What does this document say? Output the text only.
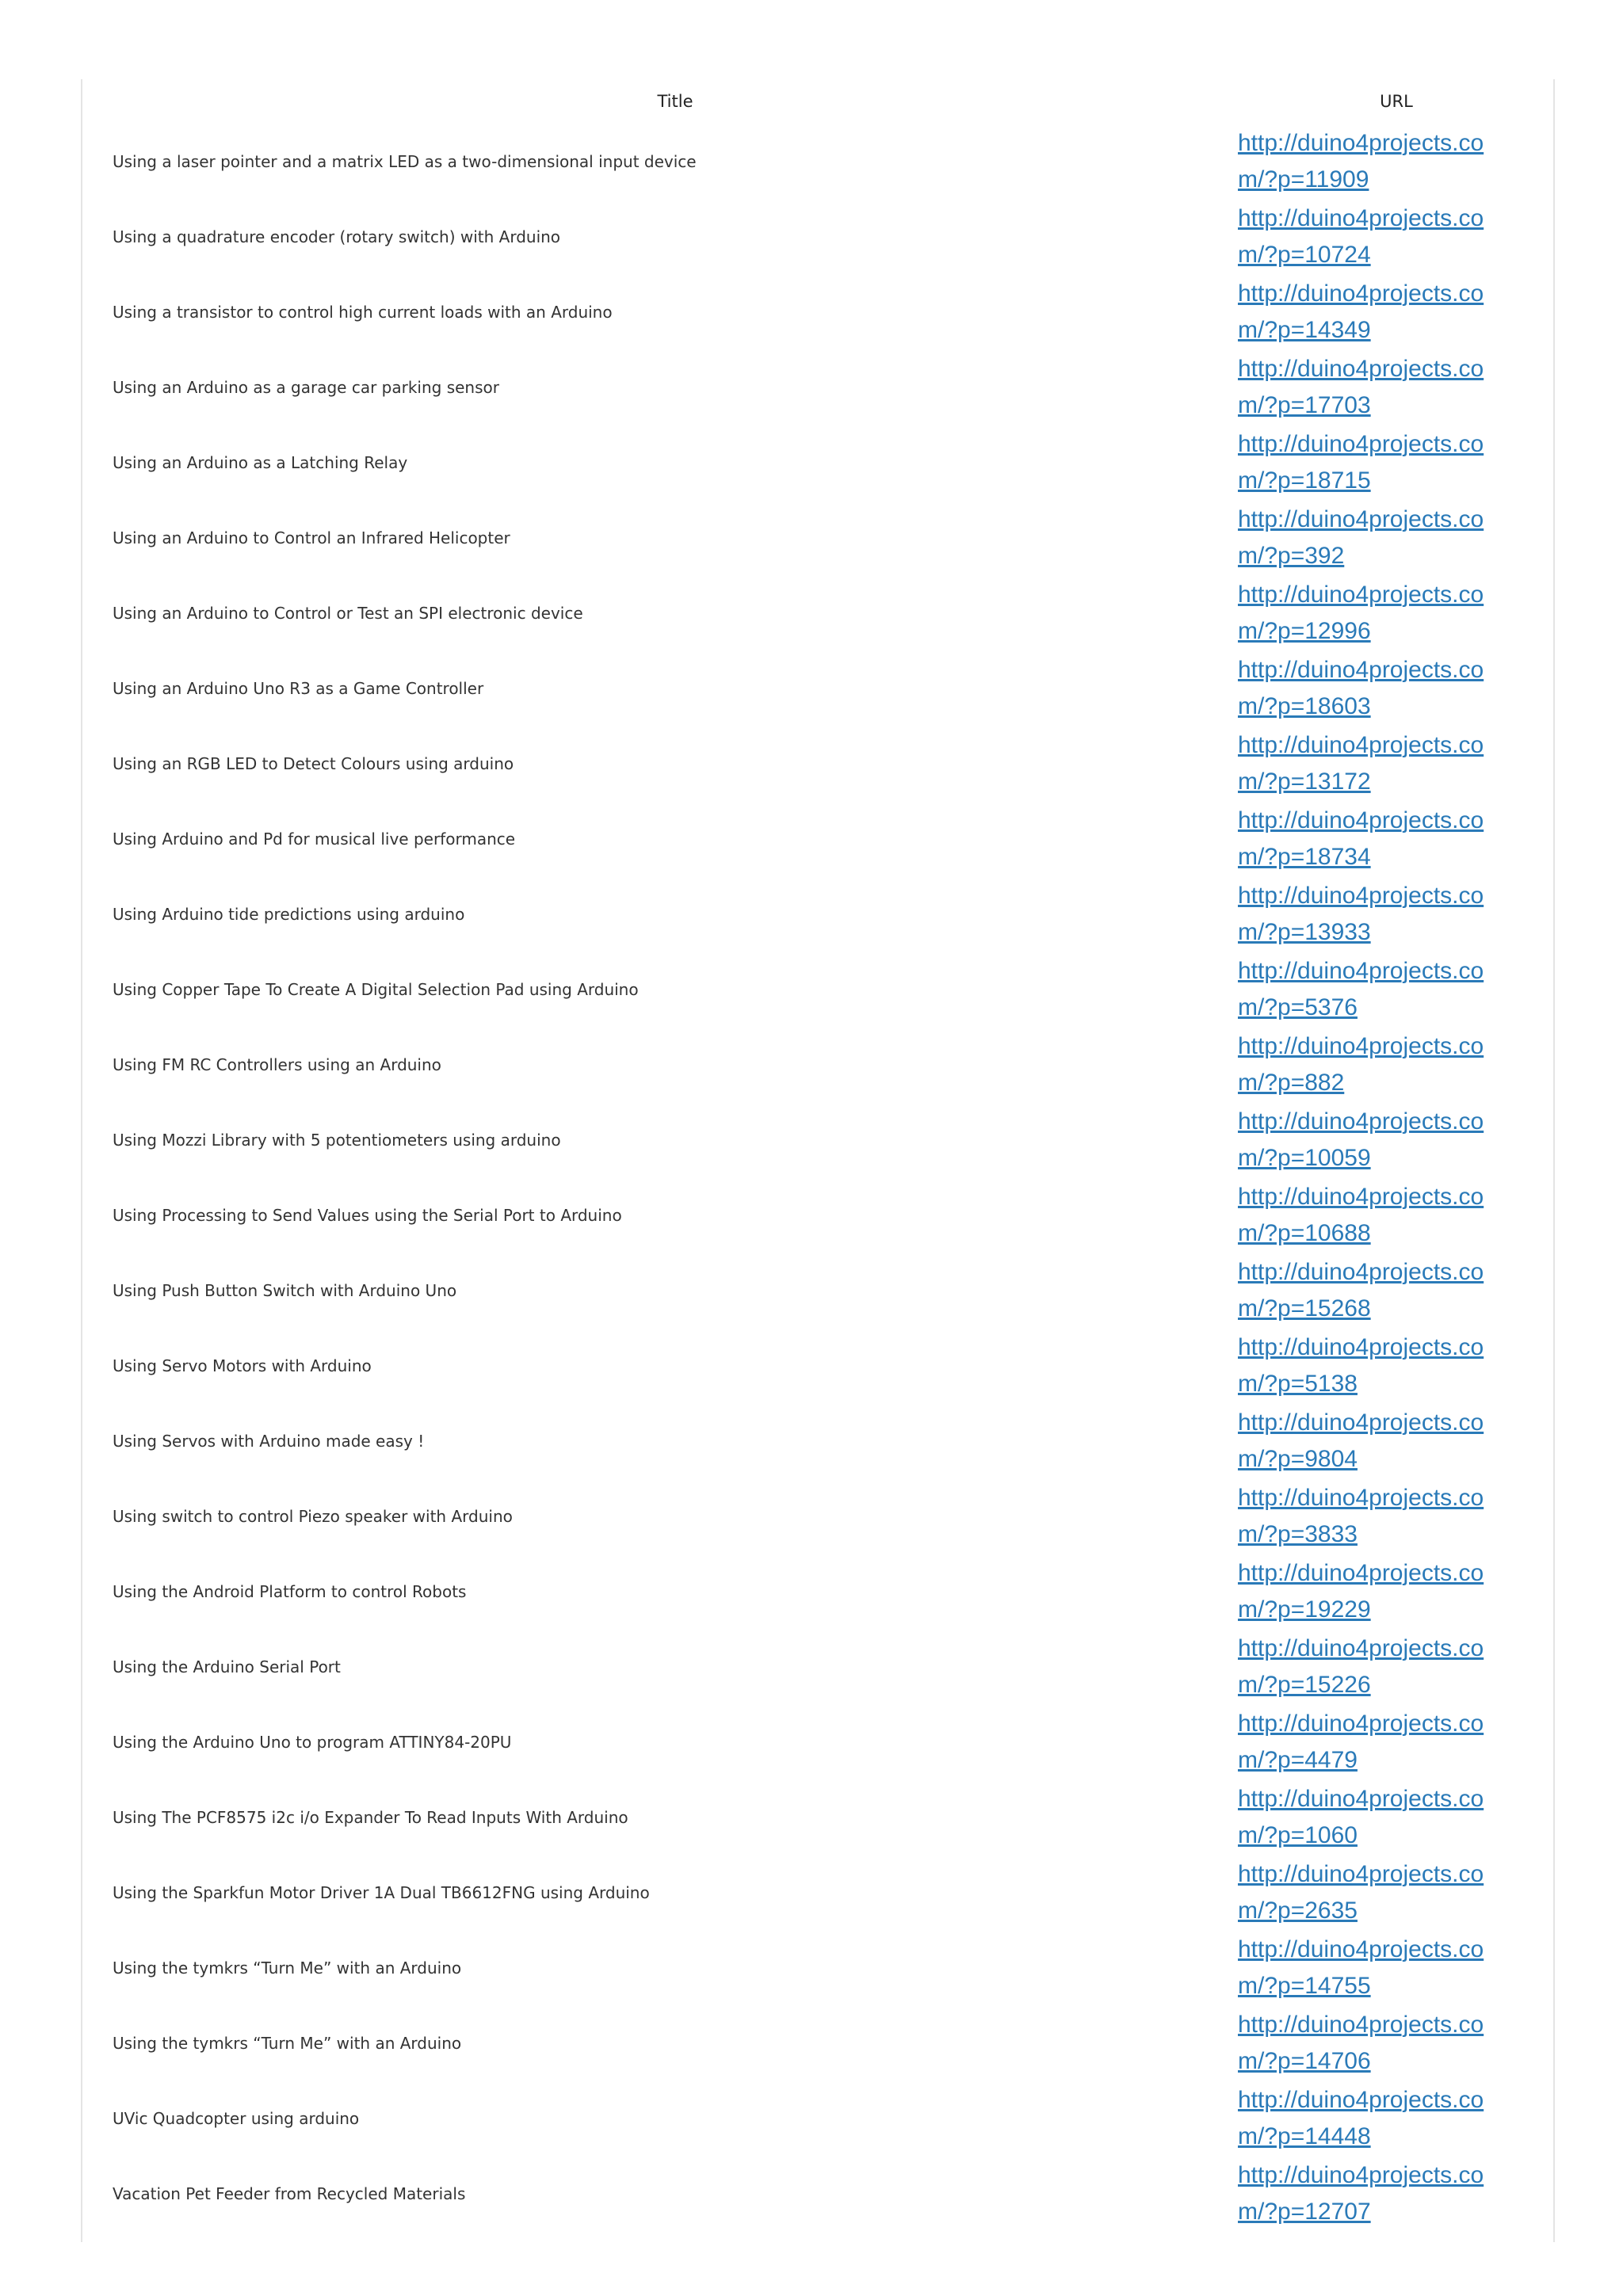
Title	URL
Using a laser pointer and a matrix LED as a two-dimensional input device	http://duino4projects.com/?p=11909
Using a quadrature encoder (rotary switch) with Arduino	http://duino4projects.com/?p=10724
Using a transistor to control high current loads with an Arduino	http://duino4projects.com/?p=14349
Using an Arduino as a garage car parking sensor	http://duino4projects.com/?p=17703
Using an Arduino as a Latching Relay	http://duino4projects.com/?p=18715
Using an Arduino to Control an Infrared Helicopter	http://duino4projects.com/?p=392
Using an Arduino to Control or Test an SPI electronic device	http://duino4projects.com/?p=12996
Using an Arduino Uno R3 as a Game Controller	http://duino4projects.com/?p=18603
Using an RGB LED to Detect Colours using arduino	http://duino4projects.com/?p=13172
Using Arduino and Pd for musical live performance	http://duino4projects.com/?p=18734
Using Arduino tide predictions using arduino	http://duino4projects.com/?p=13933
Using Copper Tape To Create A Digital Selection Pad using Arduino	http://duino4projects.com/?p=5376
Using FM RC Controllers using an Arduino	http://duino4projects.com/?p=882
Using Mozzi Library with 5 potentiometers using arduino	http://duino4projects.com/?p=10059
Using Processing to Send Values using the Serial Port to Arduino	http://duino4projects.com/?p=10688
Using Push Button Switch with Arduino Uno	http://duino4projects.com/?p=15268
Using Servo Motors with Arduino	http://duino4projects.com/?p=5138
Using Servos with Arduino made easy !	http://duino4projects.com/?p=9804
Using switch to control Piezo speaker with Arduino	http://duino4projects.com/?p=3833
Using the Android Platform to control Robots	http://duino4projects.com/?p=19229
Using the Arduino Serial Port	http://duino4projects.com/?p=15226
Using the Arduino Uno to program ATTINY84-20PU	http://duino4projects.com/?p=4479
Using The PCF8575 i2c i/o Expander To Read Inputs With Arduino	http://duino4projects.com/?p=1060
Using the Sparkfun Motor Driver 1A Dual TB6612FNG using Arduino	http://duino4projects.com/?p=2635
Using the tymkrs “Turn Me” with an Arduino	http://duino4projects.com/?p=14755
Using the tymkrs “Turn Me” with an Arduino	http://duino4projects.com/?p=14706
UVic Quadcopter using arduino	http://duino4projects.com/?p=14448
Vacation Pet Feeder from Recycled Materials	http://duino4projects.com/?p=12707
